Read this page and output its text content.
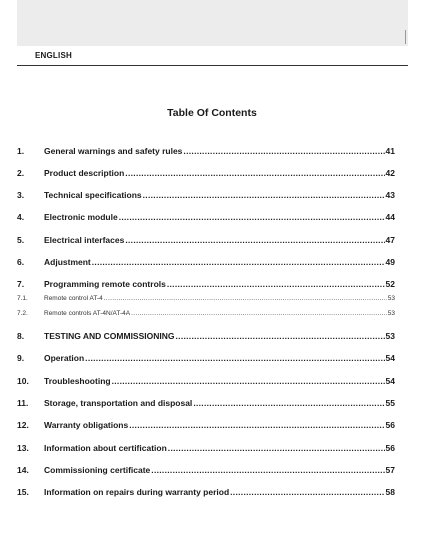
ENGLISH
Table Of Contents
1.	General warnings and safety rules .....	41
2.	Product description .....	42
3.	Technical specifications .....	43
4.	Electronic module .....	44
5.	Electrical interfaces .....	47
6.	Adjustment .....	49
7.	Programming remote controls .....	52
7.1.	Remote control AT-4 .....	53
7.2.	Remote controls AT-4N/AT-4A .....	53
8.	TESTING AND COMMISSIONING .....	53
9.	Operation .....	54
10.	Troubleshooting .....	54
11.	Storage, transportation and disposal .....	55
12.	Warranty obligations .....	56
13.	Information about certification .....	56
14.	Commissioning certificate .....	57
15.	Information on repairs during warranty period .....	58
